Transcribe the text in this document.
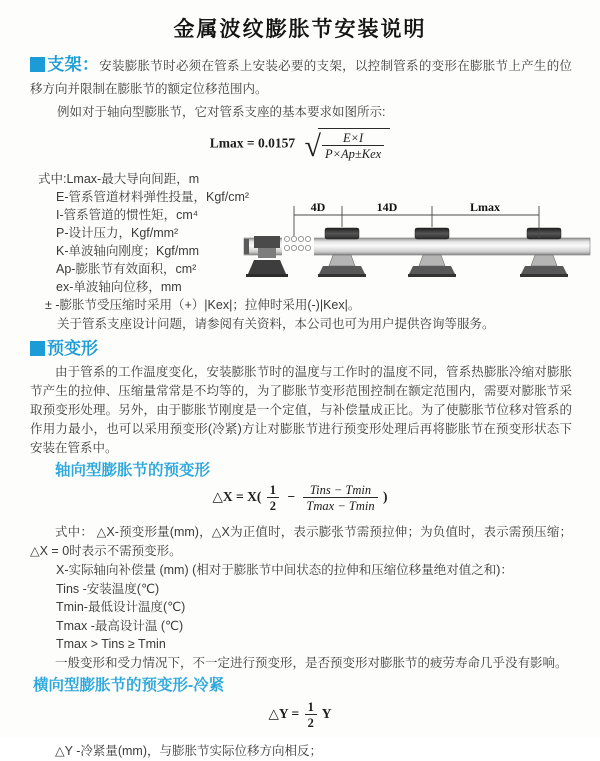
金属波纹膨胀节安装说明

支架：安装膨胀节时必须在管系上安装必要的支架，以控制管系的变形在膨胀节上产生的位移方向并限制在膨胀节的额定位移范围内。

例如对于轴向型膨胀节，它对管系支座的基本要求如图所示:

Lmax = 0.0157 √ $\frac{E\times I}{\text{P×Ap±Kex}}$
式中:Lmax-最大导向间距，m
E-管系管道材料弹性投量，Kgf/cm²
I-管系管道的惯性矩，cm⁴
P-设计压力，Kgf/mm²
K-单波轴向刚度；Kgf/mm
Ap-膨胀节有效面积，cm²
ex-单波轴向位移，mm
4D	14D	Lmax

± -膨胀节受压缩时采用（+）|Kex|；拉伸时采用(-)|Kex|。

关于管系支座设计问题，请参阅有关资料，本公司也可为用户提供咨询等服务。

预变形

由于管系的工作温度变化，安装膨胀节时的温度与工作时的温度不同，管系热膨胀冷缩对膨胀节产生的拉伸、压缩量常常是不均等的，为了膨胀节变形范围控制在额定范围内，需要对膨胀节采取预变形处理。另外，由于膨胀节刚度是一个定值，与补偿量成正比。为了使膨胀节位移对管系的作用力最小，也可以采用预变形(冷紧)方让对膨胀节进行预变形处理后再将膨胀节在预变形状态下安装在管系中。

轴向型膨胀节的预变形
△X = $X( \frac{1}{2} - \frac{\text{Tins − Tmin}}{Tmax - Tmin}$ )

式中： △X-预变形量(mm)，△X为正值时，表示膨张节需预拉伸；为负值时，表示需预压缩；△X = 0时表示不需预变形。

X-实际轴向补偿量 (mm) (相对于膨胀节中间状态的拉伸和压缩位移量绝对值之和)：
Tins -安装温度(℃)
Tmin-最低设计温度(℃)
Tmax -最高设计温 (℃)
Tmax > Tins ≥ Tmin

一般变形和受力情况下，不一定进行预变形，是否预变形对膨胀节的疲劳寿命几乎没有影响。

横向型膨胀节的预变形-冷紧
△Y = $\frac{1}{2}$ Y

△Y -冷紧量(mm)，与膨胀节实际位移方向相反；
